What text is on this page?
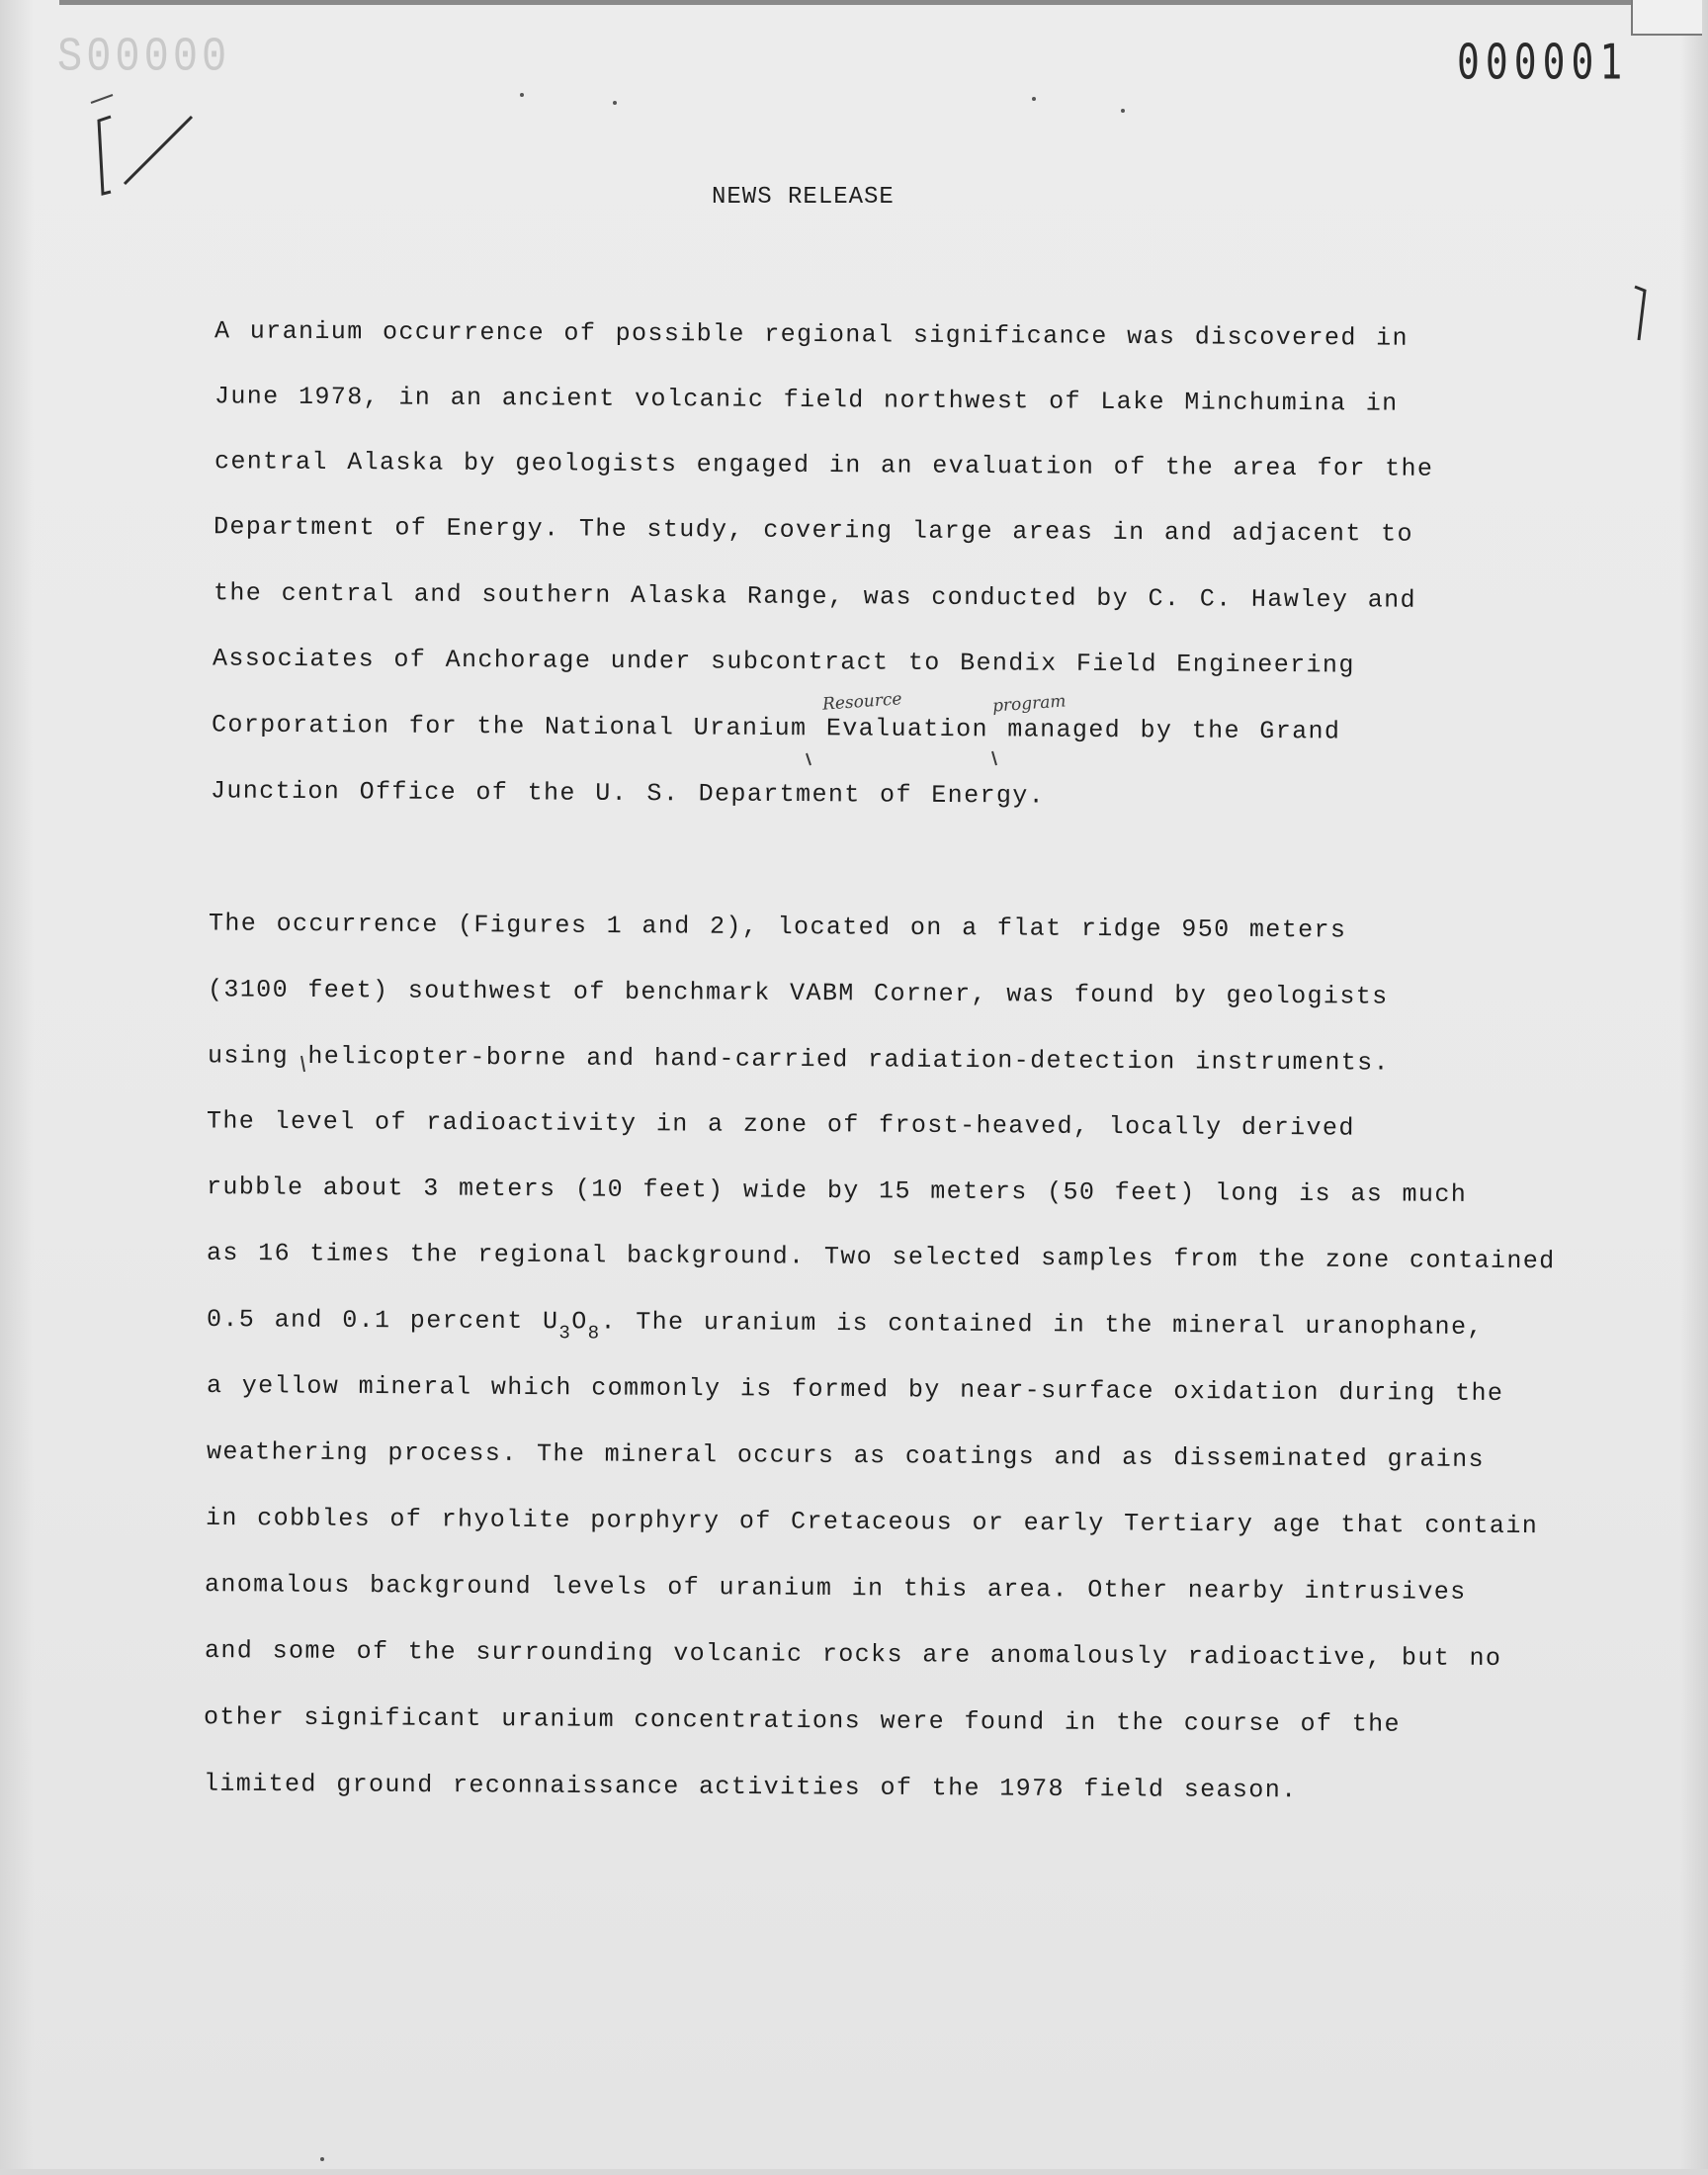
S00000	000001
NEWS RELEASE
Resource	program
A uranium occurrence of possible regional significance was discovered in
June 1978, in an ancient volcanic field northwest of Lake Minchumina in
central Alaska by geologists engaged in an evaluation of the area for the
Department of Energy. The study, covering large areas in and adjacent to
the central and southern Alaska Range, was conducted by C. C. Hawley and
Associates of Anchorage under subcontract to Bendix Field Engineering
Corporation for the National Uranium Evaluation managed by the Grand
Junction Office of the U. S. Department of Energy.
The occurrence (Figures 1 and 2), located on a flat ridge 950 meters
(3100 feet) southwest of benchmark VABM Corner, was found by geologists
using helicopter-borne and hand-carried radiation-detection instruments.
The level of radioactivity in a zone of frost-heaved, locally derived
rubble about 3 meters (10 feet) wide by 15 meters (50 feet) long is as much
as 16 times the regional background. Two selected samples from the zone contained
0.5 and 0.1 percent $U_3O_8$. The uranium is contained in the mineral uranophane,
a yellow mineral which commonly is formed by near-surface oxidation during the
weathering process. The mineral occurs as coatings and as disseminated grains
in cobbles of rhyolite porphyry of Cretaceous or early Tertiary age that contain
anomalous background levels of uranium in this area. Other nearby intrusives
and some of the surrounding volcanic rocks are anomalously radioactive, but no
other significant uranium concentrations were found in the course of the
limited ground reconnaissance activities of the 1978 field season.
